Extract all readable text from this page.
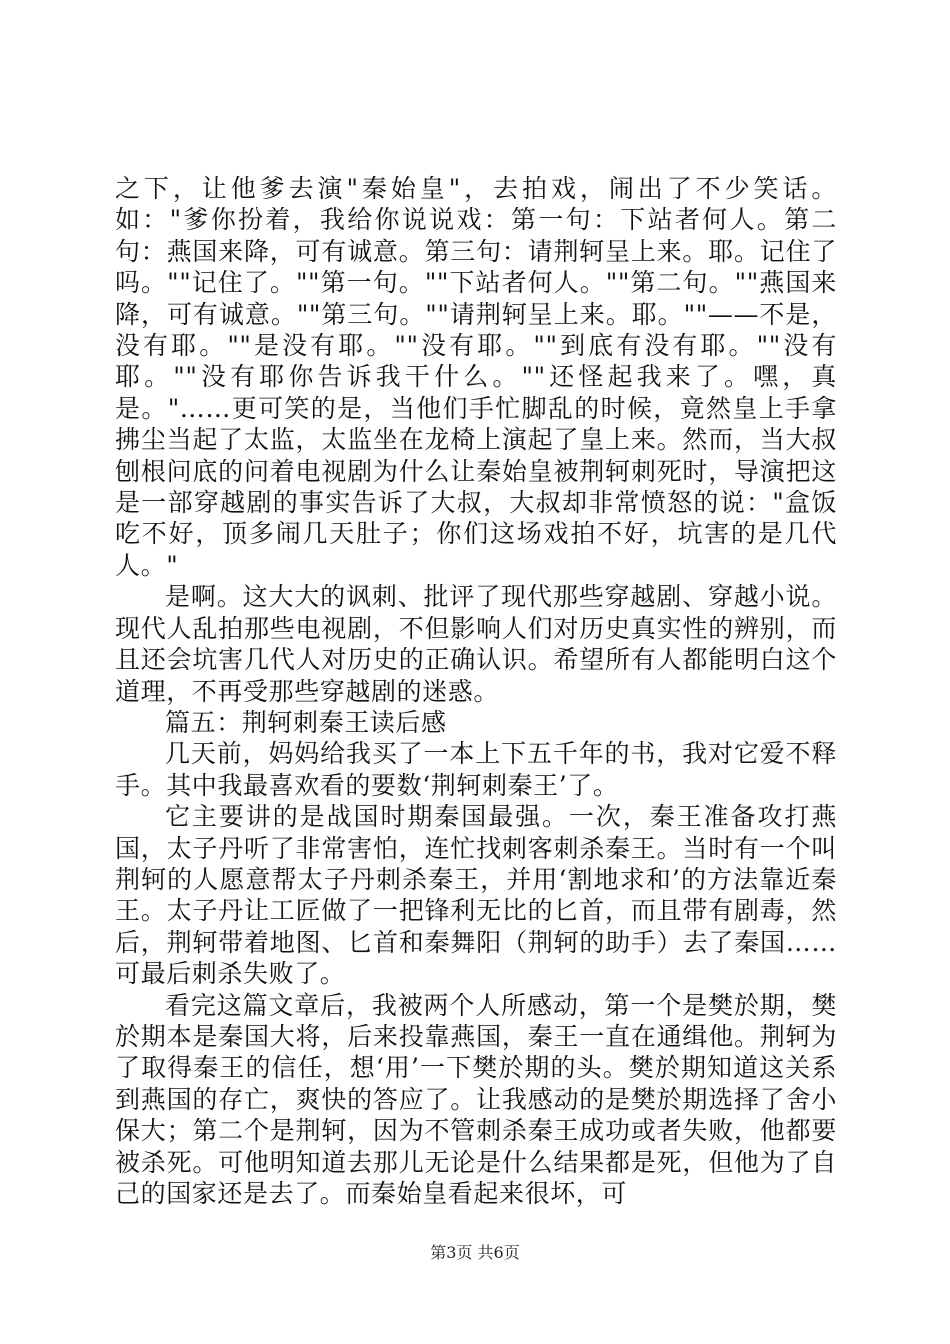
之下，让他爹去演"秦始皇"，去拍戏，闹出了不少笑话。如："爹你扮着，我给你说说戏：第一句：下站者何人。第二句：燕国来降，可有诚意。第三句：请荆轲呈上来。耶。记住了吗。""记住了。""第一句。""下站者何人。""第二句。""燕国来降，可有诚意。""第三句。""请荆轲呈上来。耶。""——不是，没有耶。""是没有耶。""没有耶。""到底有没有耶。""没有耶。""没有耶你告诉我干什么。""还怪起我来了。嘿，真是。"……更可笑的是，当他们手忙脚乱的时候，竟然皇上手拿拂尘当起了太监，太监坐在龙椅上演起了皇上来。然而，当大叔刨根问底的问着电视剧为什么让秦始皇被荆轲刺死时，导演把这是一部穿越剧的事实告诉了大叔，大叔却非常愤怒的说："盒饭吃不好，顶多闹几天肚子；你们这场戏拍不好，坑害的是几代人。"

是啊。这大大的讽刺、批评了现代那些穿越剧、穿越小说。现代人乱拍那些电视剧，不但影响人们对历史真实性的辨别，而且还会坑害几代人对历史的正确认识。希望所有人都能明白这个道理，不再受那些穿越剧的迷惑。

篇五：荆轲刺秦王读后感

几天前，妈妈给我买了一本上下五千年的书，我对它爱不释手。其中我最喜欢看的要数‘荆轲刺秦王’了。

它主要讲的是战国时期秦国最强。一次，秦王准备攻打燕国，太子丹听了非常害怕，连忙找刺客刺杀秦王。当时有一个叫荆轲的人愿意帮太子丹刺杀秦王，并用‘割地求和’的方法靠近秦王。太子丹让工匠做了一把锋利无比的匕首，而且带有剧毒，然后，荆轲带着地图、匕首和秦舞阳（荆轲的助手）去了秦国……可最后刺杀失败了。

看完这篇文章后，我被两个人所感动，第一个是樊於期，樊於期本是秦国大将，后来投靠燕国，秦王一直在通缉他。荆轲为了取得秦王的信任，想‘用’一下樊於期的头。樊於期知道这关系到燕国的存亡，爽快的答应了。让我感动的是樊於期选择了舍小保大；第二个是荆轲，因为不管刺杀秦王成功或者失败，他都要被杀死。可他明知道去那儿无论是什么结果都是死，但他为了自己的国家还是去了。而秦始皇看起来很坏，可

第3页 共6页
